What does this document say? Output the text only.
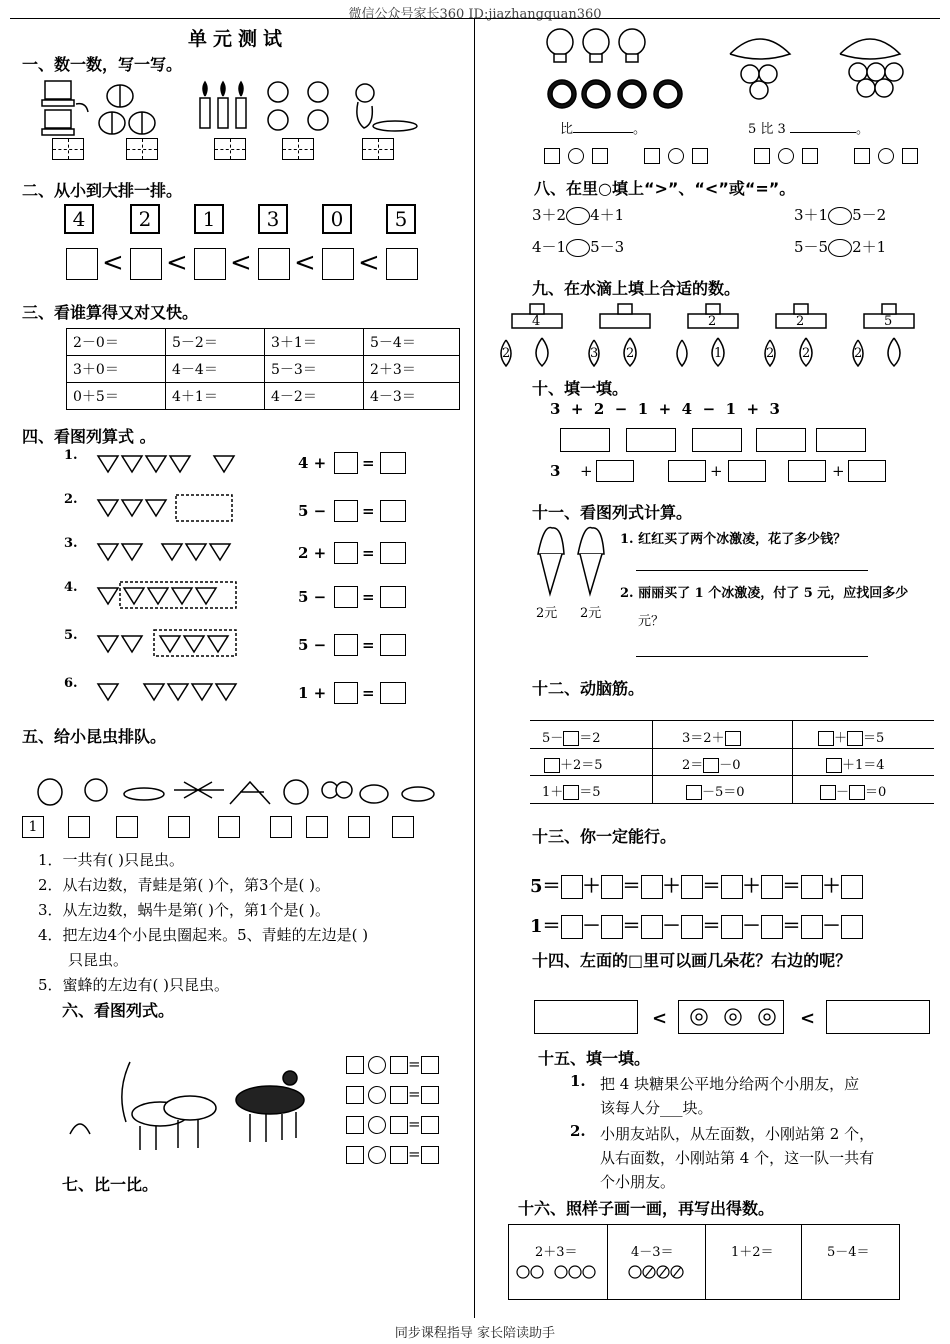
微信公众号家长360 ID:jiazhangquan360
单元测试
一、数一数，写一写。
二、从小到大排一排。
4	2	1	3	0	5
< < < < <
三、看谁算得又对又快。
2－0＝	5－2＝	3＋1＝	5－4＝
3＋0＝	4－4＝	5－3＝	2＋3＝
0＋5＝	4＋1＝	4－2＝	4－3＝
四、看图列算式 。
1.	4 + =
2.
5 − =
3.
2 + =
4.
5 − =
5.
5 − =
6.
1 + =
五、给小昆虫排队。
1
1．一共有( )只昆虫。
2．从右边数，青蛙是第( )个，第3个是( )。
3．从左边数，蜗牛是第( )个，第1个是( )。
4．把左边4个小昆虫圈起来。5、青蛙的左边是( )
只昆虫。
5．蜜蜂的左边有( )只昆虫。
六、看图列式。
=
=
=
=
七、比一比。
比	。	5 比 3	。
八、在里○填上“>”、“<”或“=”。
3＋2 4＋1	3＋1 5－2
4－1 5－3	5－5 2＋1
九、在水滴上填上合适的数。
4
2	3 2
2
1
2
2 2
5
2
十、填一填。
3  +  2  −  1  +  4  −  1  +  3
3 +	+	+
十一、看图列式计算。
2元 2元
1. 红红买了两个冰激凌，花了多少钱？
2. 丽丽买了 1 个冰激凌，付了 5 元，应找回多少
元？
十二、动脑筋。
5－ ＝2	3＝2＋	＋ ＝5
＋2＝5	2＝ －0	＋1＝4
1＋ ＝5	－5＝0	－ ＝0
十三、你一定能行。
5＝ ＋ ＝ ＋ ＝ ＋ ＝ ＋
1＝ － ＝ － ＝ － ＝ －
十四、左面的□里可以画几朵花？右边的呢？
<	<
十五、填一填。
1. 把 4 块糖果公平地分给两个小朋友，应
该每人分___块。
2. 小朋友站队，从左面数，小刚站第 2 个，
从右面数，小刚站第 4 个，这一队一共有
个小朋友。
十六、照样子画一画，再写出得数。
2＋3＝	4－3＝	1＋2＝	5－4＝
同步课程指导 家长陪读助手
